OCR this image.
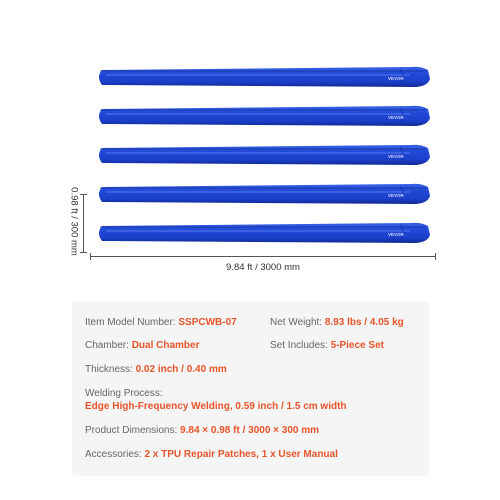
VEVOR
VEVOR
VEVOR
VEVOR
VEVOR
0.98 ft / 300 mm
9.84 ft / 3000 mm
Item Model Number: SSPCWB-07	Net Weight: 8.93 lbs / 4.05 kg
Chamber: Dual Chamber	Set Includes: 5-Piece Set
Thickness: 0.02 inch / 0.40 mm
Welding Process:
Edge High-Frequency Welding, 0.59 inch / 1.5 cm width
Product Dimensions: 9.84 × 0.98 ft / 3000 × 300 mm
Accessories: 2 x TPU Repair Patches, 1 x User Manual
